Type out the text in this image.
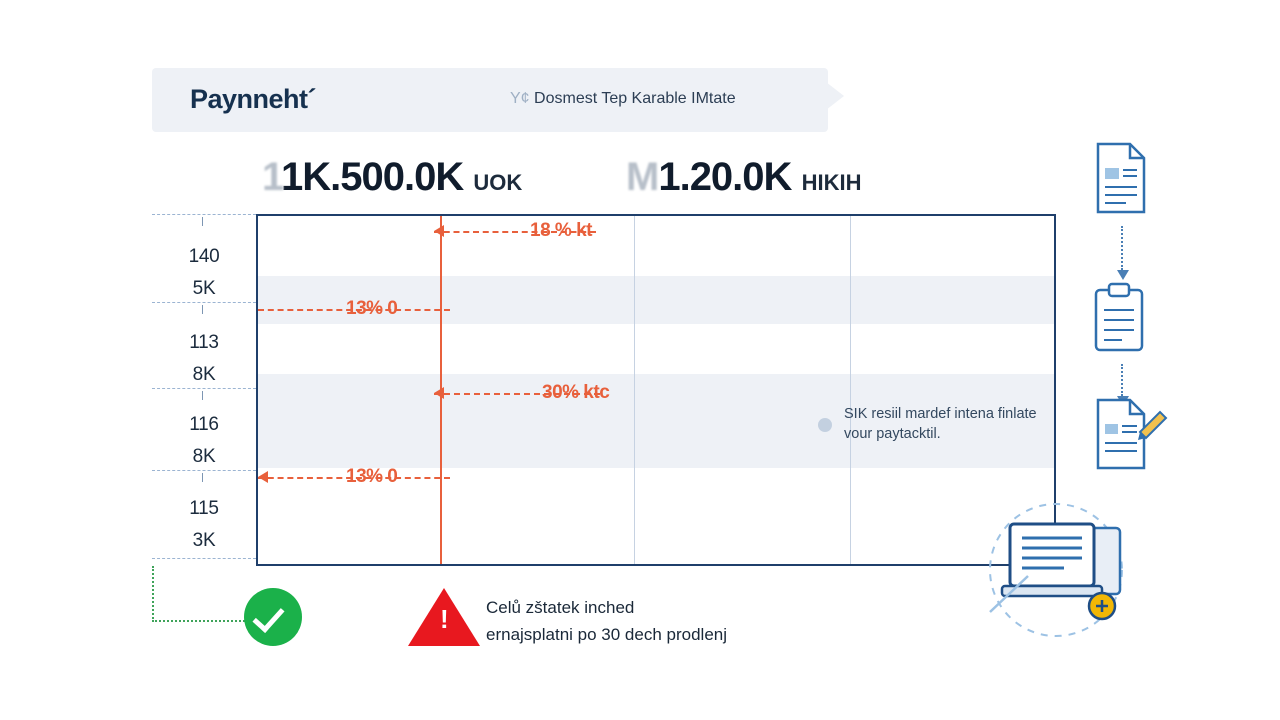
Paynneht´	Y¢ Dosmest Tep Karable IMtate
11K.500.0K UOK	M1.20.0K HIKIH
140
5K
113
8K
116
8K
115
3K
18 % kt
13% 0
30% ktc
13% 0
SIK resiil mardef intena finlate vour paytacktil.
! Celů zštatek inched
ernajsplatni po 30 dech prodlenj
